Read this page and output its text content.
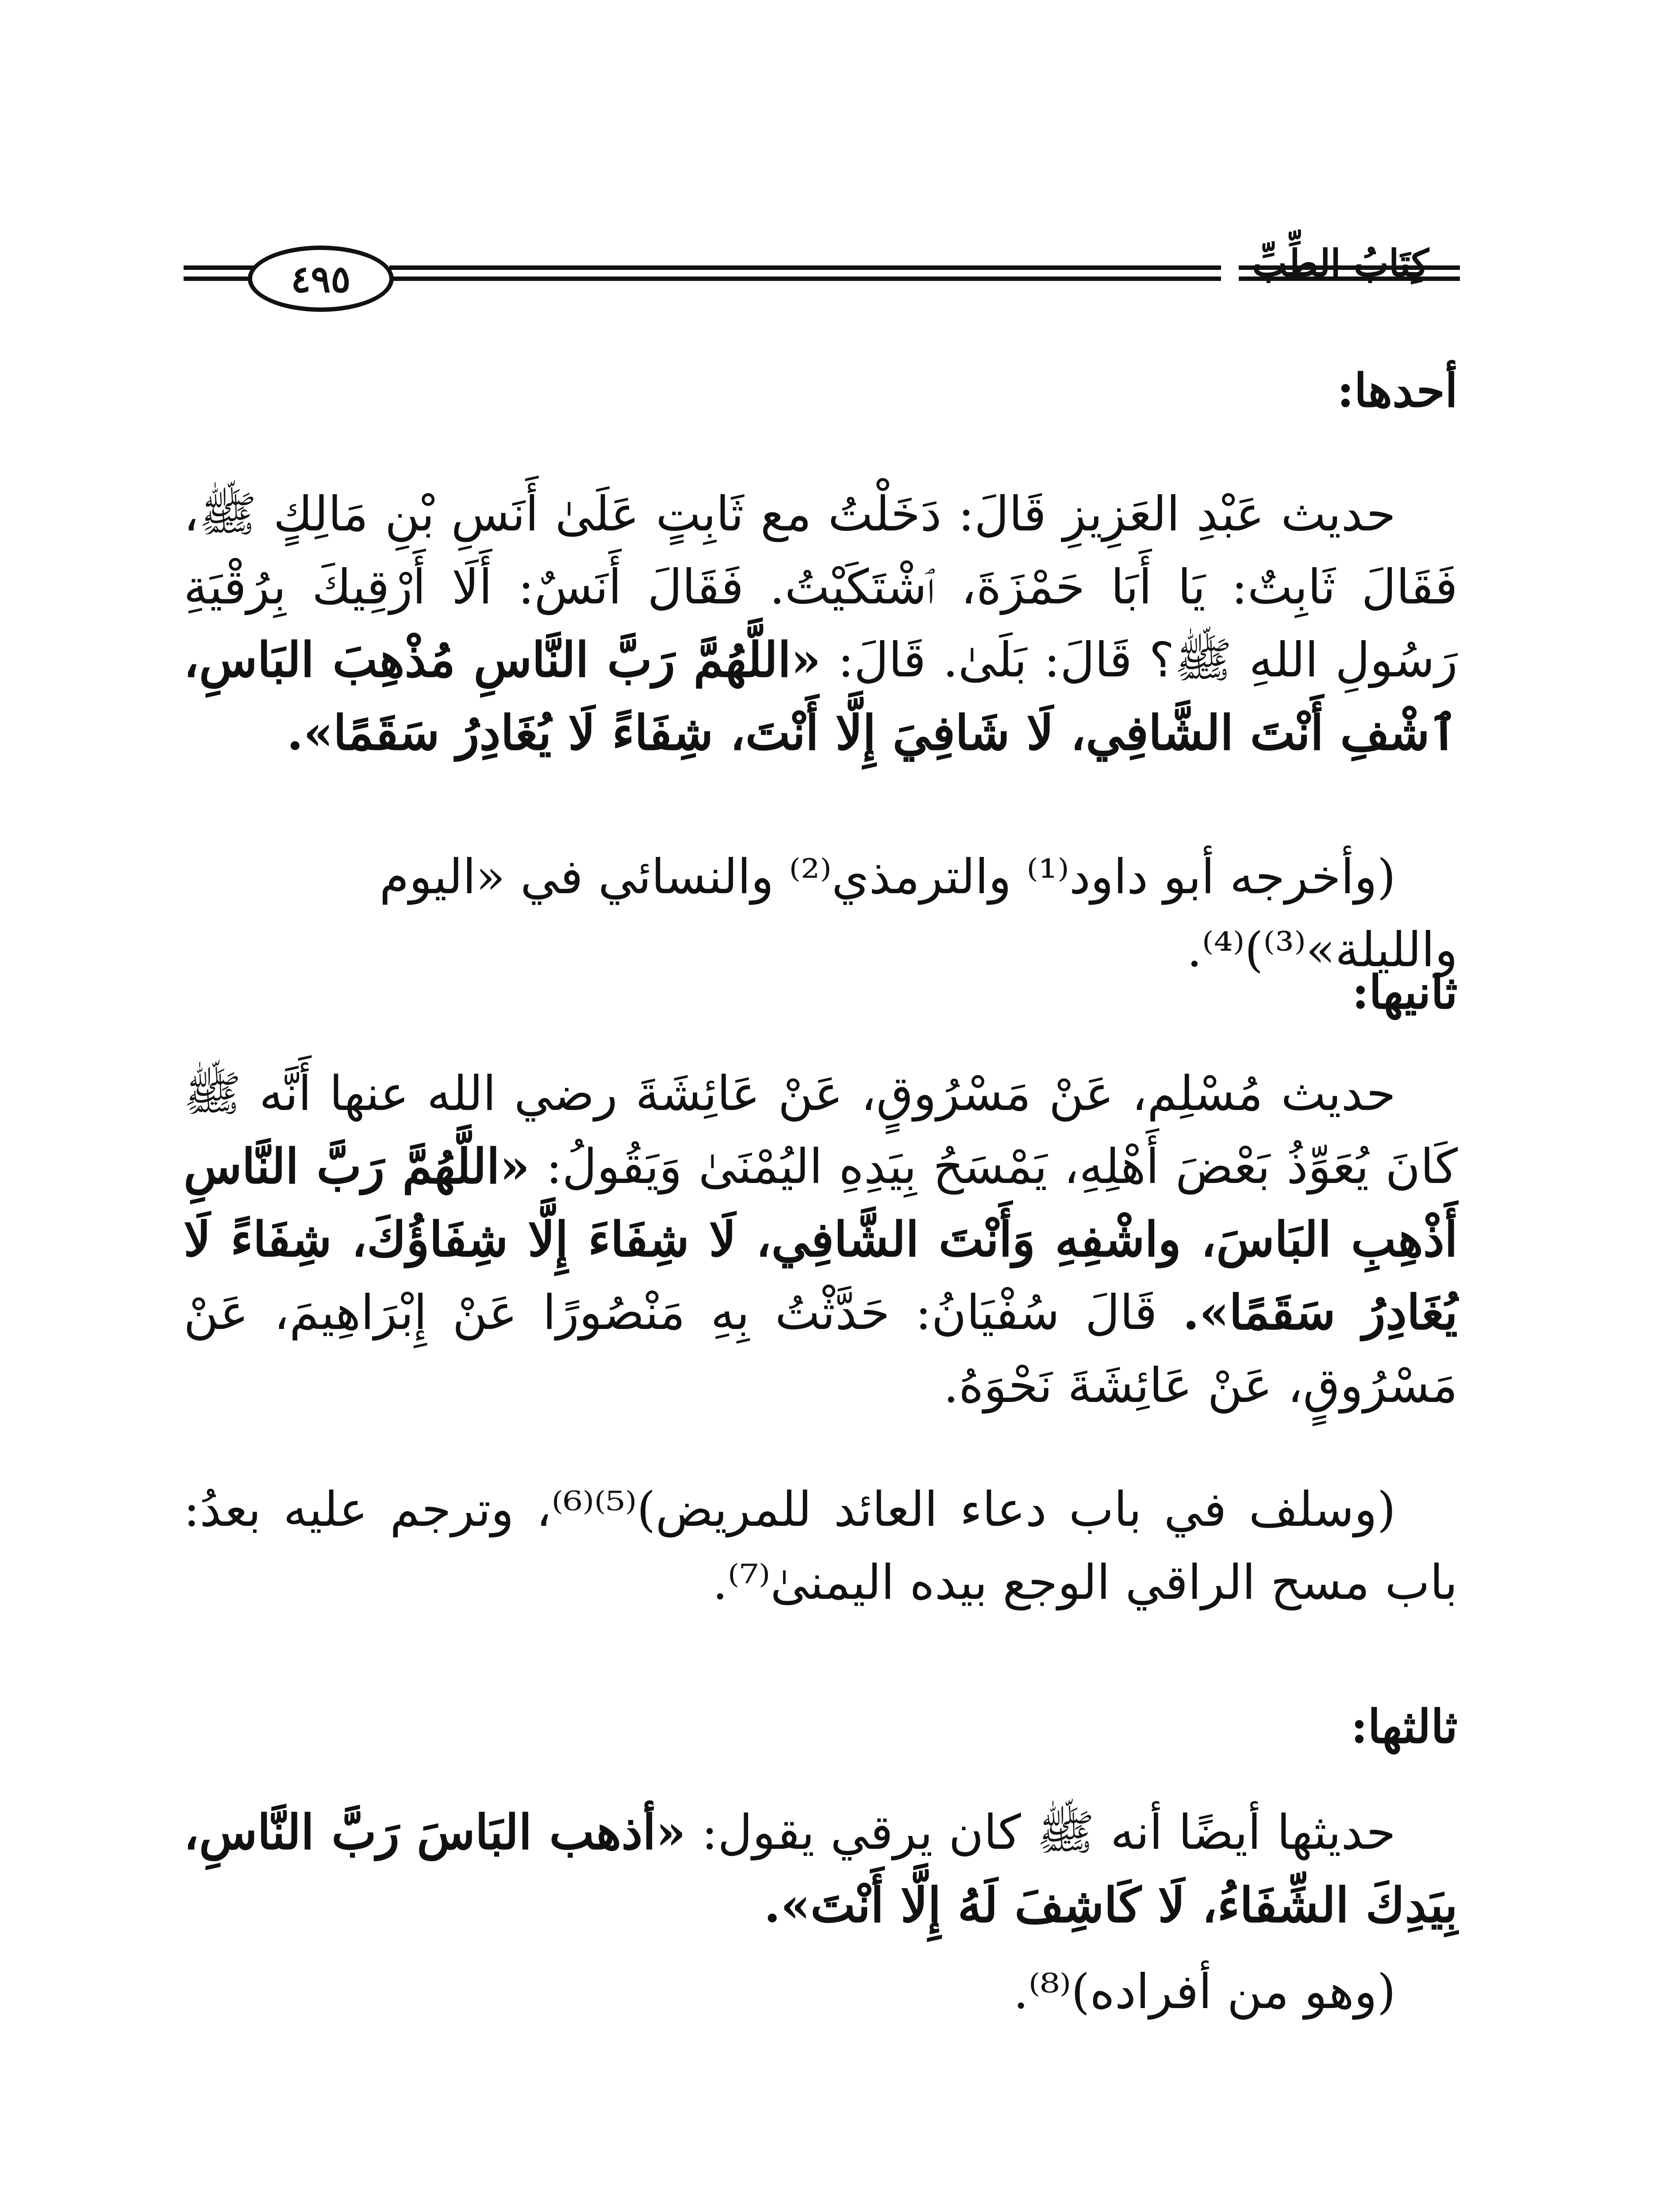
كِتَابُ الطِّبِّ
٤٩٥
أحدها:
حديث عَبْدِ العَزِيزِ قَالَ: دَخَلْتُ مع ثَابِتٍ عَلَىٰ أَنَسِ بْنِ مَالِكٍ ﷺ، فَقَالَ ثَابِتٌ: يَا أَبَا حَمْزَةَ، ٱشْتَكَيْتُ. فَقَالَ أَنَسٌ: أَلَا أَرْقِيكَ بِرُقْيَةِ رَسُولِ اللهِ ﷺ؟ قَالَ: بَلَىٰ. قَالَ: «اللَّهُمَّ رَبَّ النَّاسِ مُذْهِبَ البَاسِ، ٱشْفِ أَنْتَ الشَّافِي، لَا شَافِيَ إِلَّا أَنْتَ، شِفَاءً لَا يُغَادِرُ سَقَمًا».
(وأخرجه أبو داود⁽¹⁾ والترمذي⁽²⁾ والنسائي في «اليوم والليلة»⁽³⁾)⁽⁴⁾.
ثانيها:
حديث مُسْلِم، عَنْ مَسْرُوقٍ، عَنْ عَائِشَةَ رضي الله عنها أَنَّه ﷺ كَانَ يُعَوِّذُ بَعْضَ أَهْلِهِ، يَمْسَحُ بِيَدِهِ اليُمْنَىٰ وَيَقُولُ: «اللَّهُمَّ رَبَّ النَّاسِ أَذْهِبِ البَاسَ، واشْفِهِ وَأَنْتَ الشَّافِي، لَا شِفَاءَ إِلَّا شِفَاؤُكَ، شِفَاءً لَا يُغَادِرُ سَقَمًا». قَالَ سُفْيَانُ: حَدَّثْتُ بِهِ مَنْصُورًا عَنْ إِبْرَاهِيمَ، عَنْ مَسْرُوقٍ، عَنْ عَائِشَةَ نَحْوَهُ.
(وسلف في باب دعاء العائد للمريض)⁽⁵⁾⁽⁶⁾، وترجم عليه بعدُ: باب مسح الراقي الوجع بيده اليمنىٰ⁽⁷⁾.
ثالثها:
حديثها أيضًا أنه ﷺ كان يرقي يقول: «أذهب البَاسَ رَبَّ النَّاسِ، بِيَدِكَ الشِّفَاءُ، لَا كَاشِفَ لَهُ إِلَّا أَنْتَ».
(وهو من أفراده)⁽⁸⁾.
